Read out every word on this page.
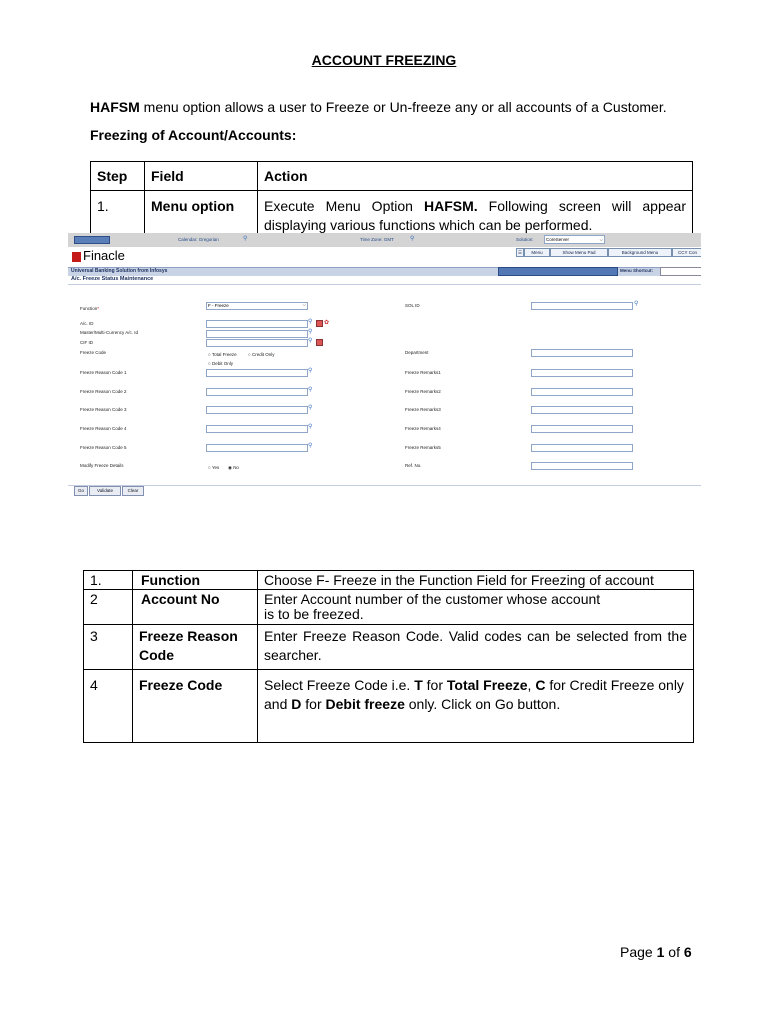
ACCOUNT FREEZING
HAFSM menu option allows a user to Freeze or Un-freeze any or all accounts of a Customer.
Freezing of Account/Accounts:
Step	Field	Action
1.	Menu option	Execute Menu Option HAFSM. Following screen will appear displaying various functions which can be performed.
Calendar: Gregorian	⚲	Time Zone: GMT	⚲	Solution:	CoreServer	⌵
Finacle	☰	Menu	Show Menu Pad	Background Menu	CCY Con
Universal Banking Solution from Infosys	Menu Shortcut:
A/c. Freeze Status Maintenance
Function*
F - Freeze	⌵	SOL ID	⚲
A/c. ID	⚲ ✿
Master/Multi-Currency A/c. Id	⚲
CIF ID	⚲
Freeze Code	○ Total Freeze	○ Credit Only
○ Debit Only
Department
Freeze Reason Code 1	⚲	Freeze Remarks1
Freeze Reason Code 2	⚲	Freeze Remarks2
Freeze Reason Code 3	⚲	Freeze Remarks3
Freeze Reason Code 4	⚲	Freeze Remarks4
Freeze Reason Code 5	⚲	Freeze Remarks5
Modify Freeze Details	○ Yes ◉ No	Ref. No.
Go	Validate	Clear
1.	Function	Choose F- Freeze in the Function Field for Freezing of account
2	Account No	Enter Account number of the customer whose account is to be freezed.
3	Freeze Reason Code	Enter Freeze Reason Code. Valid codes can be selected from the searcher.
4	Freeze Code	Select Freeze Code i.e. T for Total Freeze, C for Credit Freeze only and D for Debit freeze only. Click on Go button.
Page 1 of 6
